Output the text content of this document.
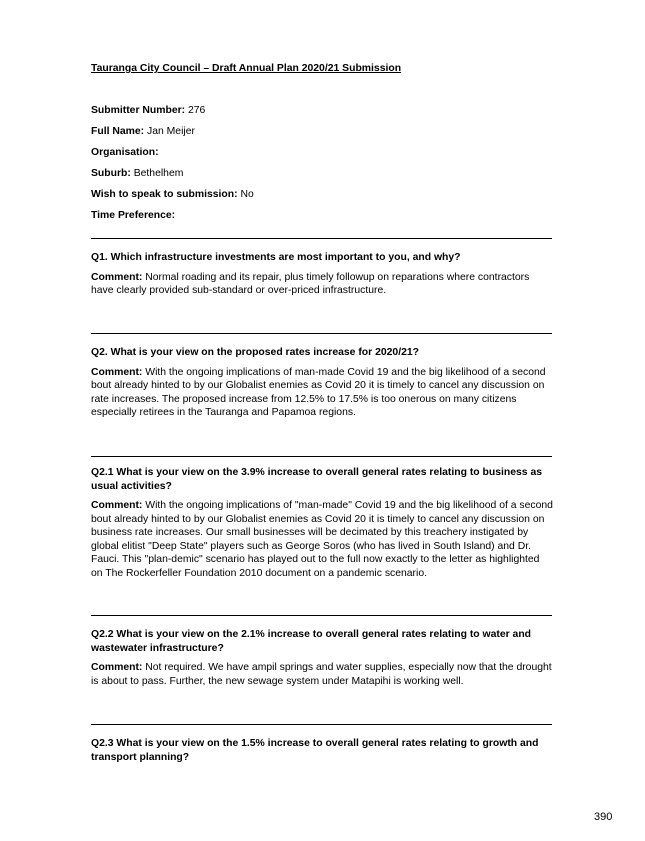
Tauranga City Council – Draft Annual Plan 2020/21 Submission
Submitter Number: 276
Full Name: Jan Meijer
Organisation:
Suburb: Bethelhem
Wish to speak to submission: No
Time Preference:

Q1. Which infrastructure investments are most important to you, and why?

Comment: Normal roading and its repair, plus timely followup on reparations where contractors have clearly provided sub-standard or over-priced infrastructure.

Q2. What is your view on the proposed rates increase for 2020/21?

Comment: With the ongoing implications of man-made Covid 19 and the big likelihood of a second bout already hinted to by our Globalist enemies as Covid 20 it is timely to cancel any discussion on rate increases. The proposed increase from 12.5% to 17.5% is too onerous on many citizens especially retirees in the Tauranga and Papamoa regions.

Q2.1 What is your view on the 3.9% increase to overall general rates relating to business as usual activities?

Comment: With the ongoing implications of "man-made" Covid 19 and the big likelihood of a second bout already hinted to by our Globalist enemies as Covid 20 it is timely to cancel any discussion on business rate increases. Our small businesses will be decimated by this treachery instigated by global elitist "Deep State" players such as George Soros (who has lived in South Island) and Dr. Fauci. This "plan-demic" scenario has played out to the full now exactly to the letter as highlighted on The Rockerfeller Foundation 2010 document on a pandemic scenario.

Q2.2 What is your view on the 2.1% increase to overall general rates relating to water and wastewater infrastructure?

Comment: Not required. We have ampil springs and water supplies, especially now that the drought is about to pass. Further, the new sewage system under Matapihi is working well.

Q2.3 What is your view on the 1.5% increase to overall general rates relating to growth and transport planning?

390
